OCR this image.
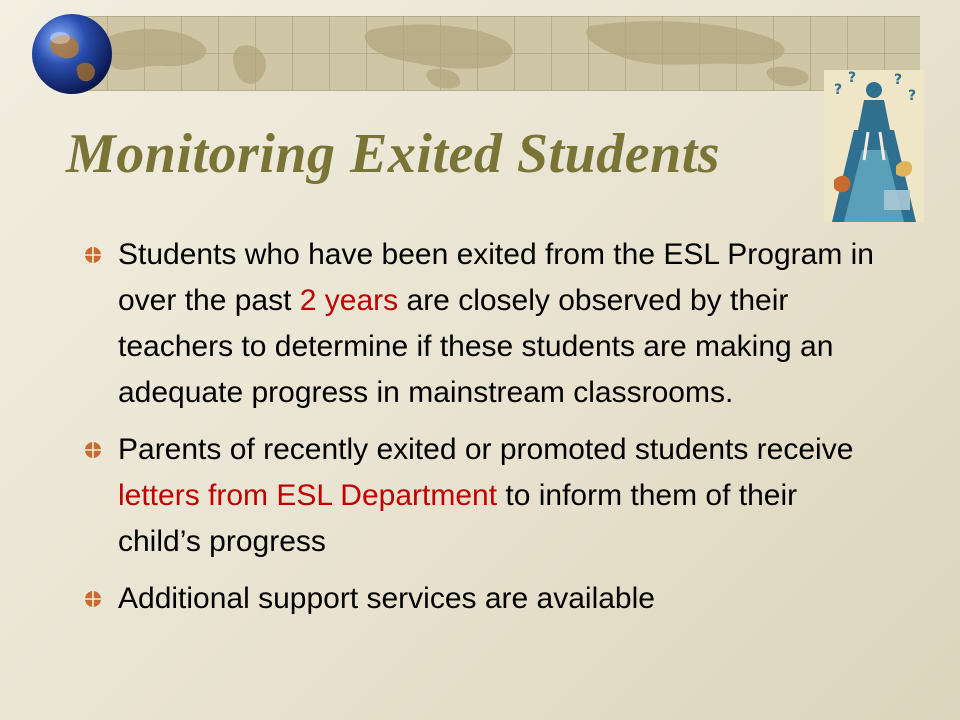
Monitoring Exited Students
?
?	?
?
Students who have been exited from the ESL Program in over the past 2 years are closely observed by their teachers to determine if these students are making an adequate progress in mainstream classrooms.
Parents of recently exited or promoted students receive letters from ESL Department to inform them of their child’s progress
Additional support services are available
